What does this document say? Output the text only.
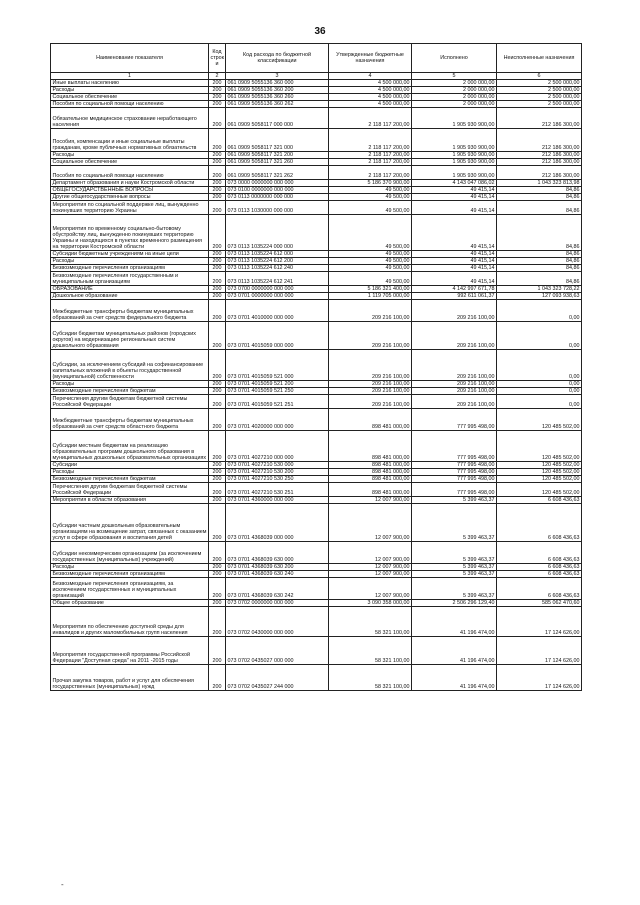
36
Наименование показателя	Код строк и	Код расхода по бюджетной классификации	Утвержденные бюджетные назначения	Исполнено	Неисполненные назначения
1	2	3	4	5	6
Иные выплаты населению	200	061 0909 5055136 360 000	4 500 000,00	2 000 000,00	2 500 000,00
Расходы	200	061 0909 5055136 360 200	4 500 000,00	2 000 000,00	2 500 000,00
Социальное обеспечение	200	061 0909 5055136 360 260	4 500 000,00	2 000 000,00	2 500 000,00
Пособия по социальной помощи населению	200	061 0909 5055136 360 262	4 500 000,00	2 000 000,00	2 500 000,00
Обязательное медицинское страхование неработающего населения	200	061 0909 5058117 000 000	2 118 117 200,00	1 905 930 900,00	212 186 300,00
Пособия, компенсации и иные социальные выплаты гражданам, кроме публичных нормативных обязательств	200	061 0909 5058117 321 000	2 118 117 200,00	1 905 930 900,00	212 186 300,00
Расходы	200	061 0909 5058117 321 200	2 118 117 200,00	1 905 930 900,00	212 186 300,00
Социальное обеспечение	200	061 0909 5058117 321 260	2 118 117 200,00	1 905 930 900,00	212 186 300,00
Пособия по социальной помощи населению	200	061 0909 5058117 321 262	2 118 117 200,00	1 905 930 900,00	212 186 300,00
Департамент образования и науки Костромской области	200	073 0000 0000000 000 000	5 186 370 900,00	4 143 047 086,02	1 043 323 813,98
ОБЩЕГОСУДАРСТВЕННЫЕ ВОПРОСЫ	200	073 0100 0000000 000 000	49 500,00	49 415,14	84,86
Другие общегосударственные вопросы	200	073 0113 0000000 000 000	49 500,00	49 415,14	84,86
Мероприятия по социальной поддержке лиц, вынужденно покинувших территорию Украины	200	073 0113 1030000 000 000	49 500,00	49 415,14	84,86
Мероприятия по временному социально-бытовому обустройству лиц, вынужденно покинувших территорию Украины и находящихся в пунктах временного размещения на территории Костромской области	200	073 0113 1035224 000 000	49 500,00	49 415,14	84,86
Субсидии бюджетным учреждениям на иные цели	200	073 0113 1035224 612 000	49 500,00	49 415,14	84,86
Расходы	200	073 0113 1035224 612 200	49 500,00	49 415,14	84,86
Безвозмездные перечисления организациям	200	073 0113 1035224 612 240	49 500,00	49 415,14	84,86
Безвозмездные перечисления государственным и муниципальным организациям	200	073 0113 1035224 612 241	49 500,00	49 415,14	84,86
ОБРАЗОВАНИЕ	200	073 0700 0000000 000 000	5 186 321 400,00	4 142 997 671,78	1 043 323 728,22
Дошкольное образование	200	073 0701 0000000 000 000	1 119 705 000,00	992 611 061,37	127 093 938,63
Межбюджетные трансферты бюджетам муниципальных образований за счет средств федерального бюджета	200	073 0701 4010000 000 000	209 216 100,00	209 216 100,00	0,00
Субсидии бюджетам муниципальных районов (городских округов) на модернизацию региональных систем дошкольного образования	200	073 0701 4015059 000 000	209 216 100,00	209 216 100,00	0,00
Субсидии, за исключением субсидий на софинансирование капитальных вложений в объекты государственной (муниципальной) собственности	200	073 0701 4015059 521 000	209 216 100,00	209 216 100,00	0,00
Расходы	200	073 0701 4015059 521 200	209 216 100,00	209 216 100,00	0,00
Безвозмездные перечисления бюджетам	200	073 0701 4015059 521 250	209 216 100,00	209 216 100,00	0,00
Перечисления другим бюджетам бюджетной системы Российской Федерации	200	073 0701 4015059 521 251	209 216 100,00	209 216 100,00	0,00
Межбюджетные трансферты бюджетам муниципальных образований за счет средств областного бюджета	200	073 0701 4020000 000 000	898 481 000,00	777 995 498,00	120 485 502,00
Субсидии местным бюджетам на реализацию образовательных программ дошкольного образования в муниципальных дошкольных образовательных организациях	200	073 0701 4027210 000 000	898 481 000,00	777 995 498,00	120 485 502,00
Субсидии	200	073 0701 4027210 530 000	898 481 000,00	777 995 498,00	120 485 502,00
Расходы	200	073 0701 4027210 530 200	898 481 000,00	777 995 498,00	120 485 502,00
Безвозмездные перечисления бюджетам	200	073 0701 4027210 530 250	898 481 000,00	777 995 498,00	120 485 502,00
Перечисления другим бюджетам бюджетной системы Российской Федерации	200	073 0701 4027210 530 251	898 481 000,00	777 995 498,00	120 485 502,00
Мероприятия в области образования	200	073 0701 4360000 000 000	12 007 900,00	5 399 463,37	6 608 436,63
Субсидии частным дошкольным образовательным организациям на возмещение затрат, связанных с оказанием услуг в сфере образования и воспитания детей	200	073 0701 4368039 000 000	12 007 900,00	5 399 463,37	6 608 436,63
Субсидии некоммерческим организациям (за исключением государственных (муниципальных) учреждений)	200	073 0701 4368039 630 000	12 007 900,00	5 399 463,37	6 608 436,63
Расходы	200	073 0701 4368039 630 200	12 007 900,00	5 399 463,37	6 608 436,63
Безвозмездные перечисления организациям	200	073 0701 4368039 630 240	12 007 900,00	5 399 463,37	6 608 436,63
Безвозмездные перечисления организациям, за исключением государственных и муниципальных организаций	200	073 0701 4368039 630 242	12 007 900,00	5 399 463,37	6 608 436,63
Общее образование	200	073 0702 0000000 000 000	3 090 358 000,00	2 506 296 129,40	585 062 470,60
Мероприятия по обеспечению доступной среды для инвалидов и других маломобильных групп населения	200	073 0702 0430000 000 000	58 321 100,00	41 196 474,00	17 124 626,00
Мероприятия государственной программы Российской Федерации "Доступная среда" на 2011 -2015 годы	200	073 0702 0435027 000 000	58 321 100,00	41 196 474,00	17 124 626,00
Прочая закупка товаров, работ и услуг для обеспечения государственных (муниципальных) нужд	200	073 0702 0435027 244 000	58 321 100,00	41 196 474,00	17 124 626,00
-
